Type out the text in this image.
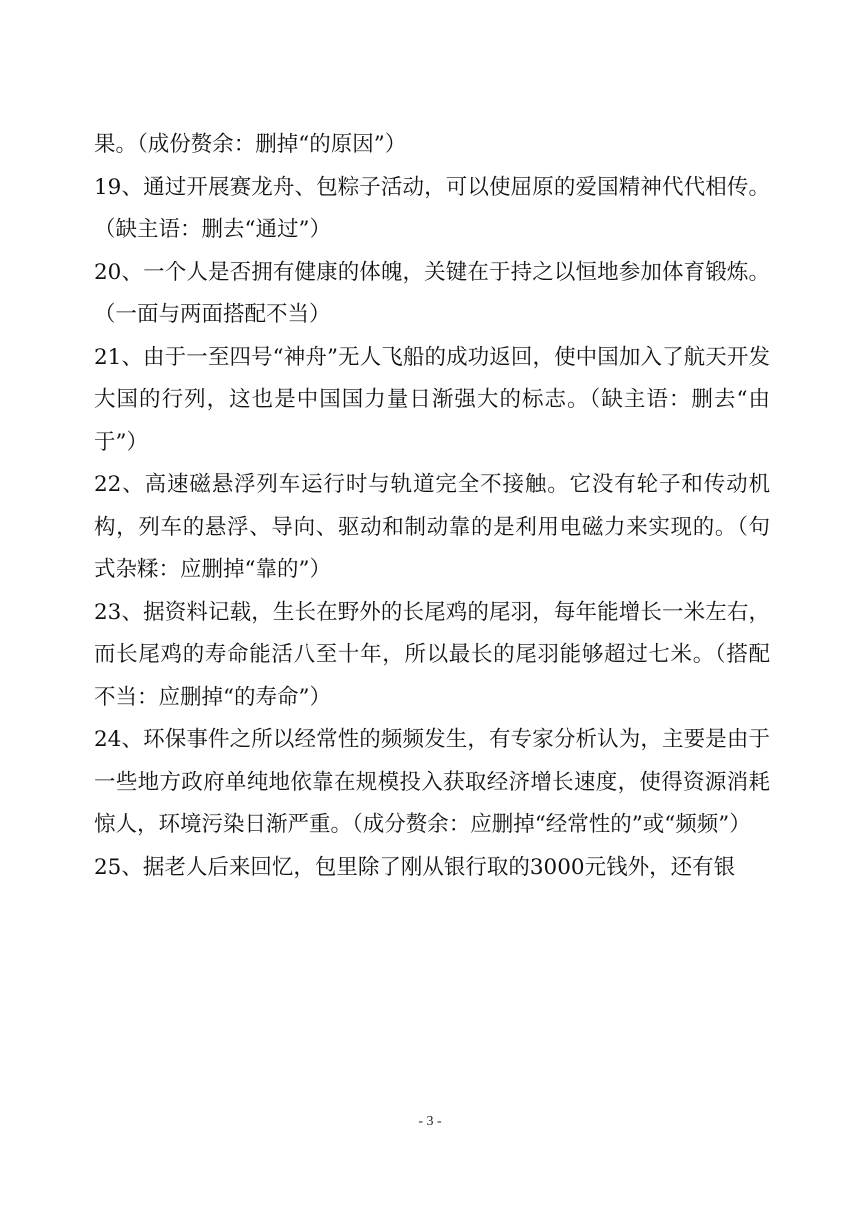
果。（成份赘余：删掉“的原因”）

19、通过开展赛龙舟、包粽子活动，可以使屈原的爱国精神代代相传。（缺主语：删去“通过”）

20、一个人是否拥有健康的体魄，关键在于持之以恒地参加体育锻炼。（一面与两面搭配不当）

21、由于一至四号“神舟”无人飞船的成功返回，使中国加入了航天开发大国的行列，这也是中国国力量日渐强大的标志。（缺主语：删去“由于”）

22、高速磁悬浮列车运行时与轨道完全不接触。它没有轮子和传动机构，列车的悬浮、导向、驱动和制动靠的是利用电磁力来实现的。（句式杂糅：应删掉“靠的”）

23、据资料记载，生长在野外的长尾鸡的尾羽，每年能增长一米左右，而长尾鸡的寿命能活八至十年，所以最长的尾羽能够超过七米。（搭配不当：应删掉“的寿命”）

24、环保事件之所以经常性的频频发生，有专家分析认为，主要是由于一些地方政府单纯地依靠在规模投入获取经济增长速度，使得资源消耗惊人，环境污染日渐严重。（成分赘余：应删掉“经常性的”或“频频”）

25、据老人后来回忆，包里除了刚从银行取的3000元钱外，还有银

- 3 -
